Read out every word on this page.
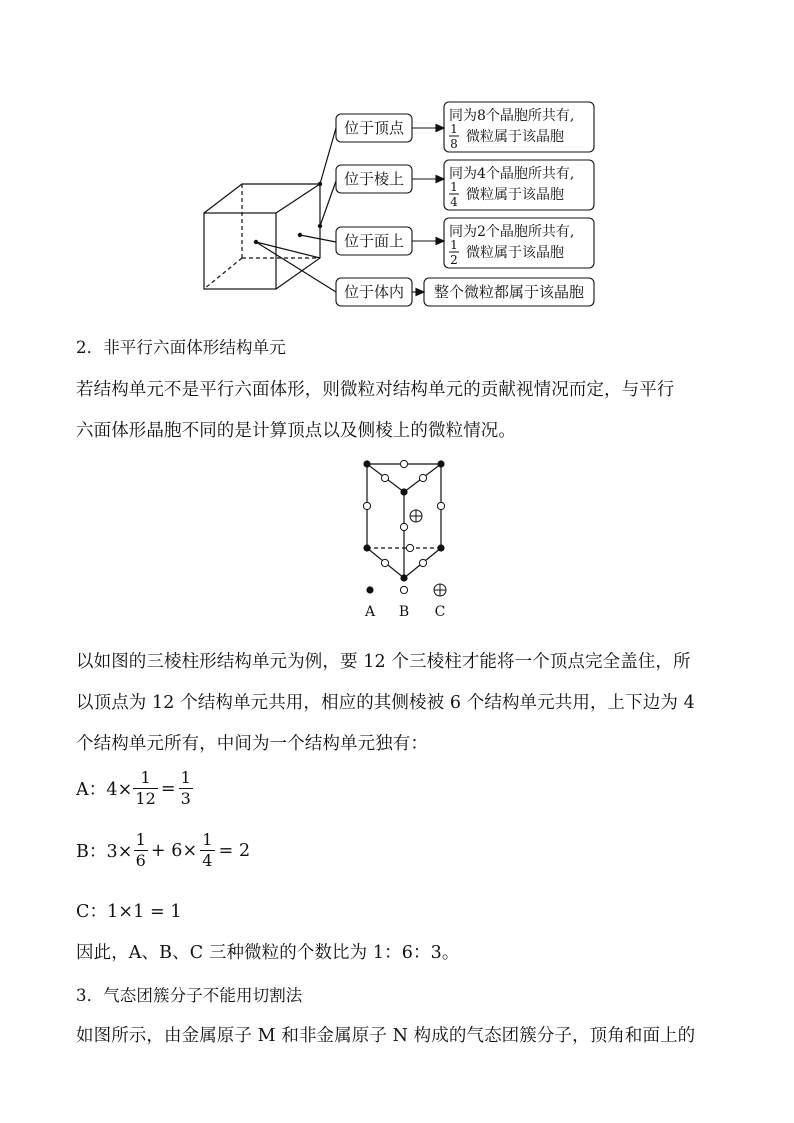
位于顶点
位于棱上
位于面上
位于体内
同为8个晶胞所共有,
1
8 微粒属于该晶胞
同为4个晶胞所共有,
1
4 微粒属于该晶胞
同为2个晶胞所共有,
1
2 微粒属于该晶胞
整个微粒都属于该晶胞
2．非平行六面体形结构单元
若结构单元不是平行六面体形，则微粒对结构单元的贡献视情况而定，与平行
六面体形晶胞不同的是计算顶点以及侧棱上的微粒情况。
A B C
以如图的三棱柱形结构单元为例，要 12 个三棱柱才能将一个顶点完全盖住，所
以顶点为 12 个结构单元共用，相应的其侧棱被 6 个结构单元共用，上下边为 4
个结构单元所有，中间为一个结构单元独有：
A：$4\times \frac{1}{12} = \frac{1}{3}$
B：$3\times \frac{1}{6} + 6\times \frac{1}{4} = 2$
C：1×1 = 1
因此，A、B、C 三种微粒的个数比为 1：6：3。
3．气态团簇分子不能用切割法
如图所示，由金属原子 M 和非金属原子 N 构成的气态团簇分子，顶角和面上的
